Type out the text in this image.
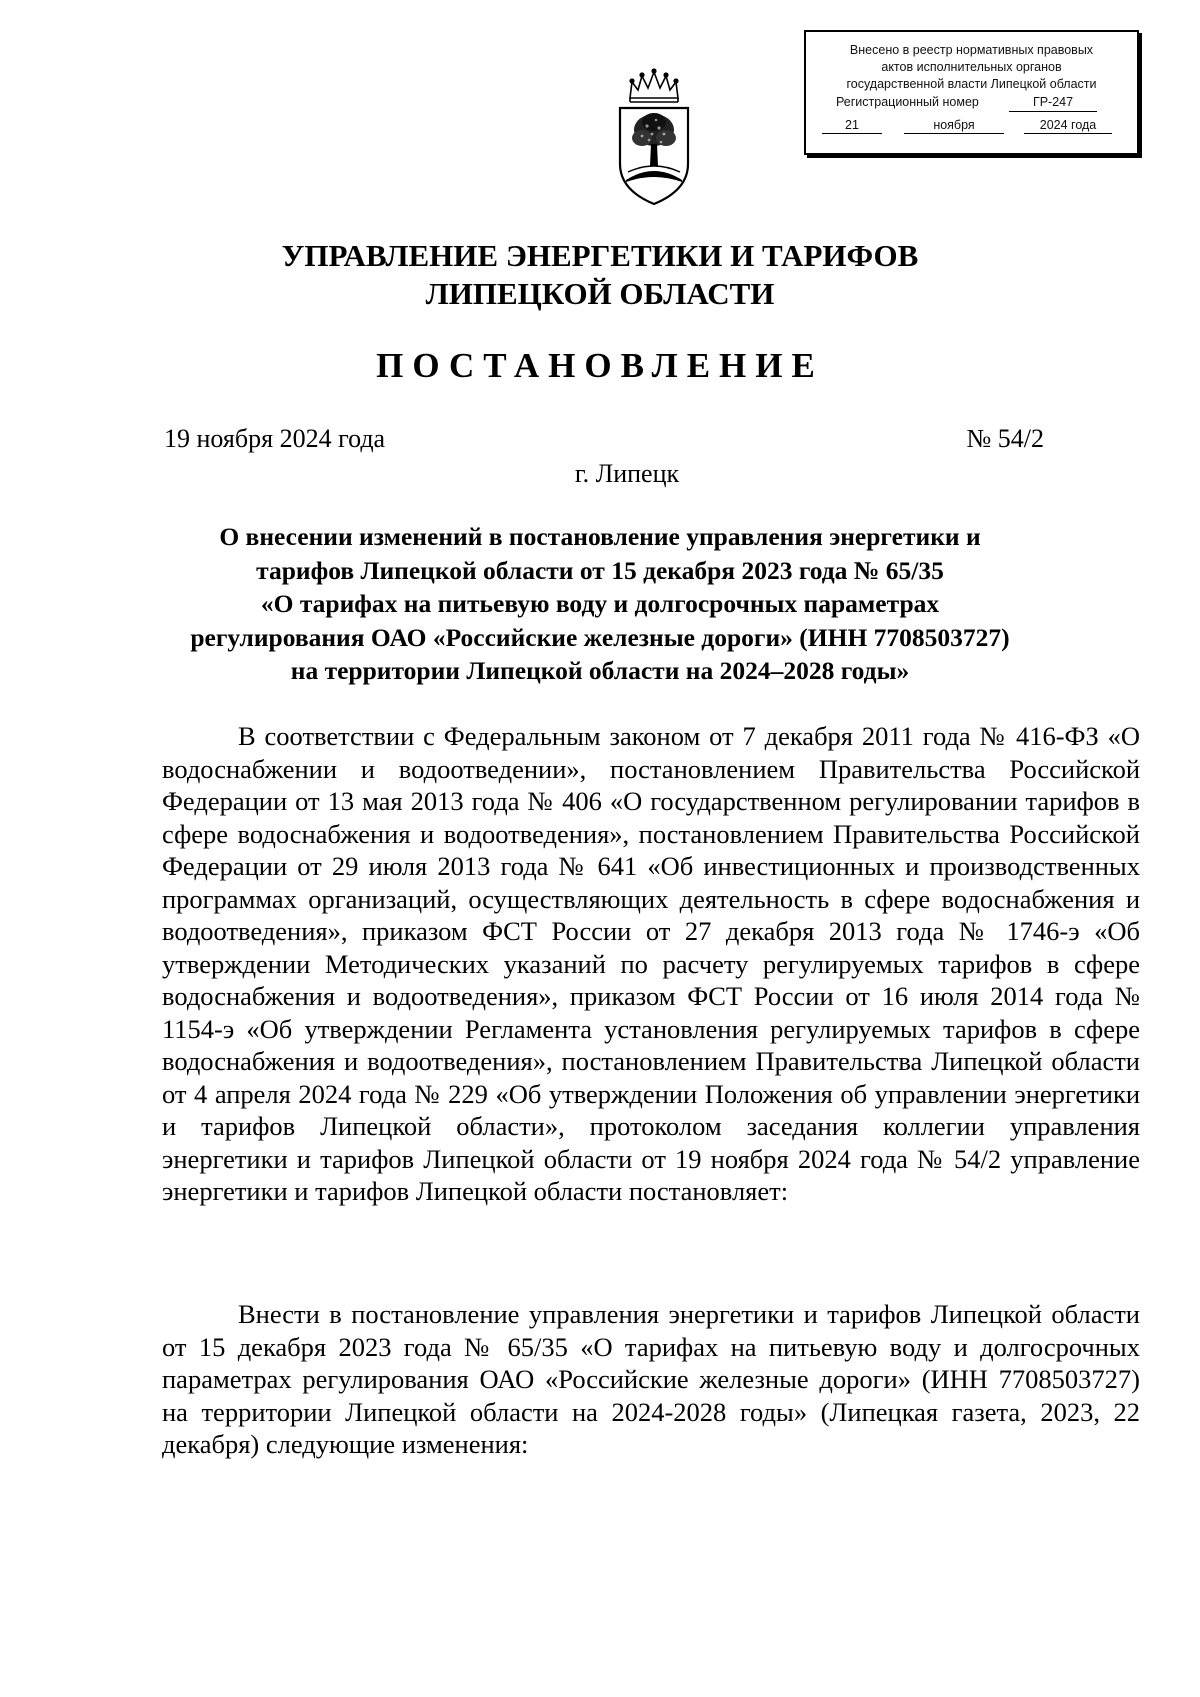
Внесено в реестр нормативных правовых
актов исполнительных органов
государственной власти Липецкой области
Регистрационный номер	ГР-247
21	ноября	2024 года
УПРАВЛЕНИЕ ЭНЕРГЕТИКИ И ТАРИФОВ
ЛИПЕЦКОЙ ОБЛАСТИ
ПОСТАНОВЛЕНИЕ
19 ноября 2024 года	№ 54/2
г. Липецк
О внесении изменений в постановление управления энергетики и
тарифов Липецкой области от 15 декабря 2023 года № 65/35
«О тарифах на питьевую воду и долгосрочных параметрах
регулирования ОАО «Российские железные дороги» (ИНН 7708503727)
на территории Липецкой области на 2024–2028 годы»

В соответствии с Федеральным законом от 7 декабря 2011 года № 416-ФЗ «О водоснабжении и водоотведении», постановлением Правительства Российской Федерации от 13 мая 2013 года № 406 «О государственном регулировании тарифов в сфере водоснабжения и водоотведения», постановлением Правительства Российской Федерации от 29 июля 2013 года № 641 «Об инвестиционных и производственных программах организаций, осуществляющих деятельность в сфере водоснабжения и водоотведения», приказом ФСТ России от 27 декабря 2013 года № 1746-э «Об утверждении Методических указаний по расчету регулируемых тарифов в сфере водоснабжения и водоотведения», приказом ФСТ России от 16 июля 2014 года № 1154-э «Об утверждении Регламента установления регулируемых тарифов в сфере водоснабжения и водоотведения», постановлением Правительства Липецкой области от 4 апреля 2024 года № 229 «Об утверждении Положения об управлении энергетики и тарифов Липецкой области», протоколом заседания коллегии управления энергетики и тарифов Липецкой области от 19 ноября 2024 года № 54/2 управление энергетики и тарифов Липецкой области постановляет:

Внести в постановление управления энергетики и тарифов Липецкой области от 15 декабря 2023 года № 65/35 «О тарифах на питьевую воду и долгосрочных параметрах регулирования ОАО «Российские железные дороги» (ИНН 7708503727) на территории Липецкой области на 2024-2028 годы» (Липецкая газета, 2023, 22 декабря) следующие изменения:
